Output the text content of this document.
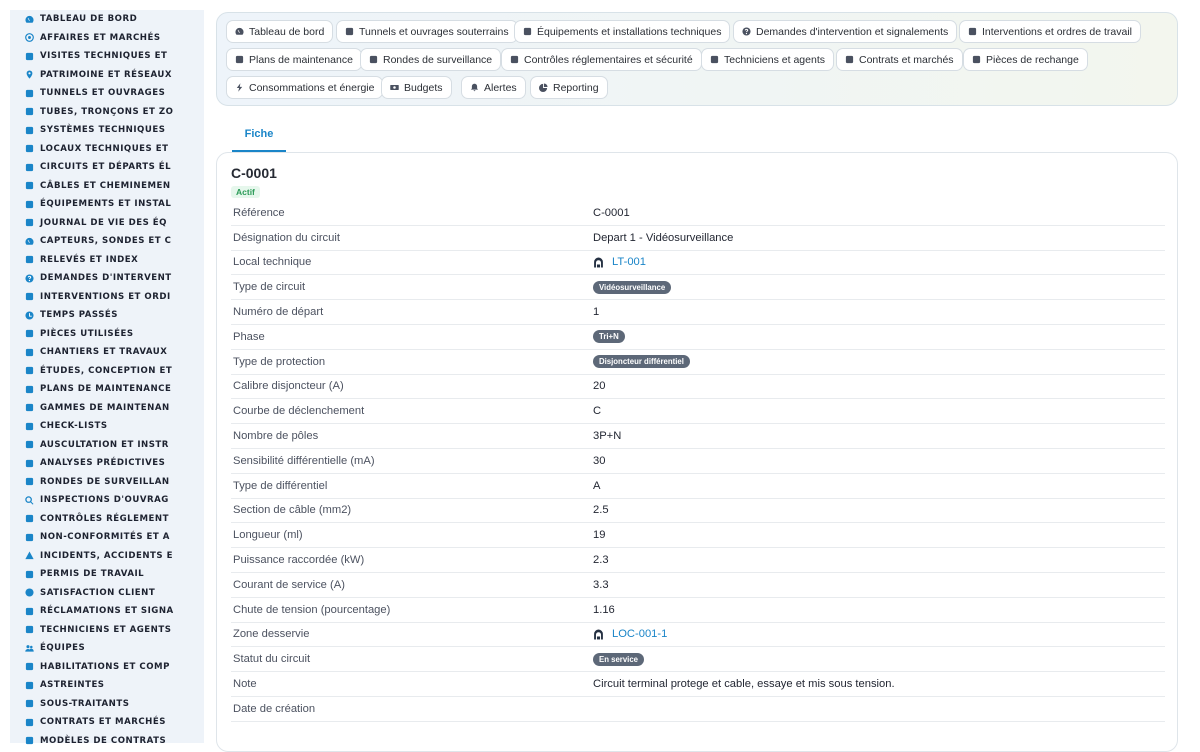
TABLEAU DE BORD
AFFAIRES ET MARCHÉS
VISITES TECHNIQUES ET
PATRIMOINE ET RÉSEAUX
TUNNELS ET OUVRAGES
TUBES, TRONÇONS ET ZO
SYSTÈMES TECHNIQUES
LOCAUX TECHNIQUES ET
CIRCUITS ET DÉPARTS ÉL
CÂBLES ET CHEMINEMEN
ÉQUIPEMENTS ET INSTAL
JOURNAL DE VIE DES ÉQ
CAPTEURS, SONDES ET C
RELEVÉS ET INDEX
DEMANDES D'INTERVENT
INTERVENTIONS ET ORDI
TEMPS PASSÉS
PIÈCES UTILISÉES
CHANTIERS ET TRAVAUX
ÉTUDES, CONCEPTION ET
PLANS DE MAINTENANCE
GAMMES DE MAINTENAN
CHECK-LISTS
AUSCULTATION ET INSTR
ANALYSES PRÉDICTIVES
RONDES DE SURVEILLAN
INSPECTIONS D'OUVRAG
CONTRÔLES RÉGLEMENT
NON-CONFORMITÉS ET A
INCIDENTS, ACCIDENTS E
PERMIS DE TRAVAIL
SATISFACTION CLIENT
RÉCLAMATIONS ET SIGNA
TECHNICIENS ET AGENTS
ÉQUIPES
HABILITATIONS ET COMP
ASTREINTES
SOUS-TRAITANTS
CONTRATS ET MARCHÉS
MODÈLES DE CONTRATS
Tableau de bord	Tunnels et ouvrages souterrains	Équipements et installations techniques	Demandes d'intervention et signalements	Interventions et ordres de travail
Plans de maintenance	Rondes de surveillance	Contrôles réglementaires et sécurité	Techniciens et agents	Contrats et marchés	Pièces de rechange
Consommations et énergie	Budgets	Alertes	Reporting
Fiche
C-0001
Actif
Référence	C-0001
Désignation du circuit	Depart 1 - Vidéosurveillance
Local technique	LT-001
Type de circuit	Vidéosurveillance
Numéro de départ	1
Phase	Tri+N
Type de protection	Disjoncteur différentiel
Calibre disjoncteur (A)	20
Courbe de déclenchement	C
Nombre de pôles	3P+N
Sensibilité différentielle (mA)	30
Type de différentiel	A
Section de câble (mm2)	2.5
Longueur (ml)	19
Puissance raccordée (kW)	2.3
Courant de service (A)	3.3
Chute de tension (pourcentage)	1.16
Zone desservie	LOC-001-1
Statut du circuit	En service
Note	Circuit terminal protege et cable, essaye et mis sous tension.
Date de création
